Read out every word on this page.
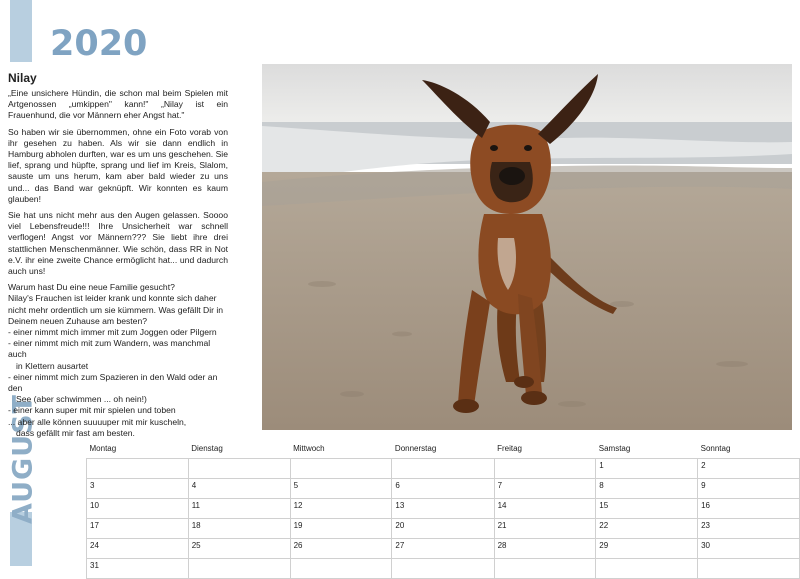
AUGUST
2020
Nilay

„Eine unsichere Hündin, die schon mal beim Spielen mit Artgenossen „umkippen" kann!" „Nilay ist ein Frauenhund, die vor Männern eher Angst hat."

So haben wir sie übernommen, ohne ein Foto vorab von ihr gesehen zu haben. Als wir sie dann endlich in Hamburg abholen durften, war es um uns geschehen. Sie lief, sprang und hüpfte, sprang und lief im Kreis, Slalom, sauste um uns herum, kam aber bald wieder zu uns und... das Band war geknüpft. Wir konnten es kaum glauben!

Sie hat uns nicht mehr aus den Augen gelassen. Soooo viel Lebensfreude!!! Ihre Unsicherheit war schnell verflogen! Angst vor Männern??? Sie liebt ihre drei stattlichen Menschenmänner. Wie schön, dass RR in Not e.V. ihr eine zweite Chance ermöglicht hat... und dadurch auch uns!

Warum hast Du eine neue Familie gesucht?
Nilay's Frauchen ist leider krank und konnte sich daher nicht mehr ordentlich um sie kümmern. Was gefällt Dir in Deinem neuen Zuhause am besten?
- einer nimmt mich immer mit zum Joggen oder Pilgern
- einer nimmt mich mit zum Wandern, was manchmal auch
in Klettern ausartet
- einer nimmt mich zum Spazieren in den Wald oder an den
See (aber schwimmen ... oh nein!)
- einer kann super mit mir spielen und toben
... aber alle können suuuuper mit mir kuscheln,
dass gefällt mir fast am besten.
Montag	Dienstag	Mittwoch	Donnerstag	Freitag	Samstag	Sonntag
					1	2
3	4	5	6	7	8	9
10	11	12	13	14	15	16
17	18	19	20	21	22	23
24	25	26	27	28	29	30
31						
